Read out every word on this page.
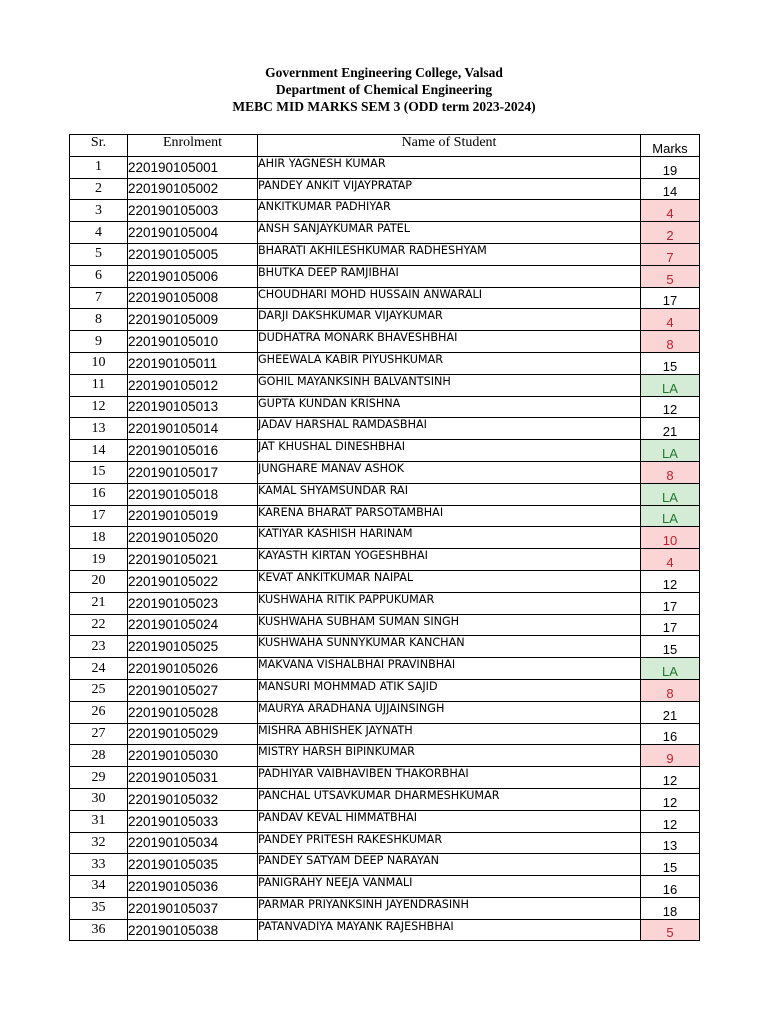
Government Engineering College, Valsad
Department of Chemical Engineering
MEBC MID MARKS SEM 3 (ODD term 2023-2024)
Sr.	Enrolment	Name of Student	Marks
1	220190105001	AHIR YAGNESH KUMAR	19
2	220190105002	PANDEY ANKIT VIJAYPRATAP	14
3	220190105003	ANKITKUMAR PADHIYAR	4
4	220190105004	ANSH SANJAYKUMAR PATEL	2
5	220190105005	BHARATI AKHILESHKUMAR RADHESHYAM	7
6	220190105006	BHUTKA DEEP RAMJIBHAI	5
7	220190105008	CHOUDHARI MOHD HUSSAIN ANWARALI	17
8	220190105009	DARJI DAKSHKUMAR VIJAYKUMAR	4
9	220190105010	DUDHATRA MONARK BHAVESHBHAI	8
10	220190105011	GHEEWALA KABIR PIYUSHKUMAR	15
11	220190105012	GOHIL MAYANKSINH BALVANTSINH	LA
12	220190105013	GUPTA KUNDAN KRISHNA	12
13	220190105014	JADAV HARSHAL RAMDASBHAI	21
14	220190105016	JAT KHUSHAL DINESHBHAI	LA
15	220190105017	JUNGHARE MANAV ASHOK	8
16	220190105018	KAMAL SHYAMSUNDAR RAI	LA
17	220190105019	KARENA BHARAT PARSOTAMBHAI	LA
18	220190105020	KATIYAR KASHISH HARINAM	10
19	220190105021	KAYASTH KIRTAN YOGESHBHAI	4
20	220190105022	KEVAT ANKITKUMAR NAIPAL	12
21	220190105023	KUSHWAHA RITIK PAPPUKUMAR	17
22	220190105024	KUSHWAHA SUBHAM SUMAN SINGH	17
23	220190105025	KUSHWAHA SUNNYKUMAR KANCHAN	15
24	220190105026	MAKVANA VISHALBHAI PRAVINBHAI	LA
25	220190105027	MANSURI MOHMMAD ATIK SAJID	8
26	220190105028	MAURYA ARADHANA UJJAINSINGH	21
27	220190105029	MISHRA ABHISHEK JAYNATH	16
28	220190105030	MISTRY HARSH BIPINKUMAR	9
29	220190105031	PADHIYAR VAIBHAVIBEN THAKORBHAI	12
30	220190105032	PANCHAL UTSAVKUMAR DHARMESHKUMAR	12
31	220190105033	PANDAV KEVAL HIMMATBHAI	12
32	220190105034	PANDEY PRITESH RAKESHKUMAR	13
33	220190105035	PANDEY SATYAM DEEP NARAYAN	15
34	220190105036	PANIGRAHY NEEJA VANMALI	16
35	220190105037	PARMAR PRIYANKSINH JAYENDRASINH	18
36	220190105038	PATANVADIYA MAYANK RAJESHBHAI	5
